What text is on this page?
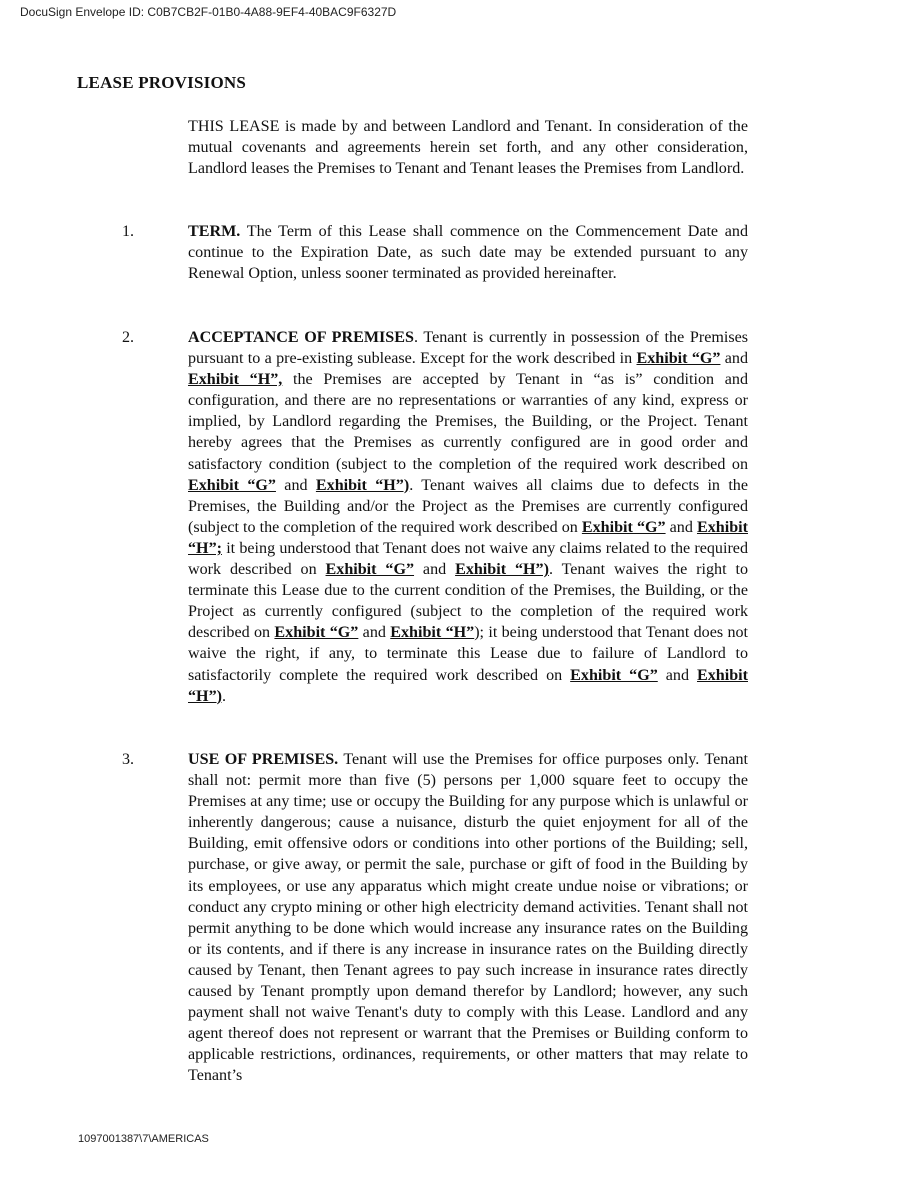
DocuSign Envelope ID: C0B7CB2F-01B0-4A88-9EF4-40BAC9F6327D
LEASE PROVISIONS
THIS LEASE is made by and between Landlord and Tenant. In consideration of the mutual covenants and agreements herein set forth, and any other consideration, Landlord leases the Premises to Tenant and Tenant leases the Premises from Landlord.
1.	TERM. The Term of this Lease shall commence on the Commencement Date and continue to the Expiration Date, as such date may be extended pursuant to any Renewal Option, unless sooner terminated as provided hereinafter.
2.	ACCEPTANCE OF PREMISES. Tenant is currently in possession of the Premises pursuant to a pre-existing sublease. Except for the work described in Exhibit “G” and Exhibit “H”, the Premises are accepted by Tenant in “as is” condition and configuration, and there are no representations or warranties of any kind, express or implied, by Landlord regarding the Premises, the Building, or the Project. Tenant hereby agrees that the Premises as currently configured are in good order and satisfactory condition (subject to the completion of the required work described on Exhibit “G” and Exhibit “H”). Tenant waives all claims due to defects in the Premises, the Building and/or the Project as the Premises are currently configured (subject to the completion of the required work described on Exhibit “G” and Exhibit “H”; it being understood that Tenant does not waive any claims related to the required work described on Exhibit “G” and Exhibit “H”). Tenant waives the right to terminate this Lease due to the current condition of the Premises, the Building, or the Project as currently configured (subject to the completion of the required work described on Exhibit “G” and Exhibit “H”); it being understood that Tenant does not waive the right, if any, to terminate this Lease due to failure of Landlord to satisfactorily complete the required work described on Exhibit “G” and Exhibit “H”).
3.	USE OF PREMISES. Tenant will use the Premises for office purposes only. Tenant shall not: permit more than five (5) persons per 1,000 square feet to occupy the Premises at any time; use or occupy the Building for any purpose which is unlawful or inherently dangerous; cause a nuisance, disturb the quiet enjoyment for all of the Building, emit offensive odors or conditions into other portions of the Building; sell, purchase, or give away, or permit the sale, purchase or gift of food in the Building by its employees, or use any apparatus which might create undue noise or vibrations; or conduct any crypto mining or other high electricity demand activities. Tenant shall not permit anything to be done which would increase any insurance rates on the Building or its contents, and if there is any increase in insurance rates on the Building directly caused by Tenant, then Tenant agrees to pay such increase in insurance rates directly caused by Tenant promptly upon demand therefor by Landlord; however, any such payment shall not waive Tenant's duty to comply with this Lease. Landlord and any agent thereof does not represent or warrant that the Premises or Building conform to applicable restrictions, ordinances, requirements, or other matters that may relate to Tenant’s
1097001387\7\AMERICAS
